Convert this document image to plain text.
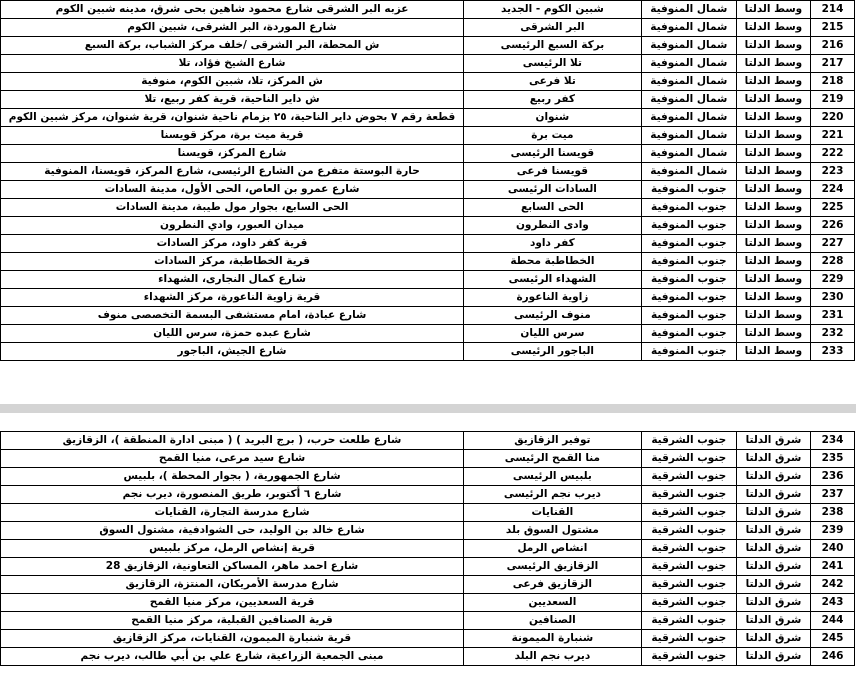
عزبه البر الشرقى شارع محمود شاهين بحى شرق، مدينه شبين الكوم	شبين الكوم - الجديد	شمال المنوفية	وسط الدلتا	214
شارع الموردة، البر الشرقى، شبين الكوم	البر الشرقى	شمال المنوفية	وسط الدلتا	215
ش المحطة، البر الشرقى /خلف مركز الشباب، بركة السبع	بركة السبع الرئيسى	شمال المنوفية	وسط الدلتا	216
شارع الشيخ فؤاد، تلا	تلا الرئيسى	شمال المنوفية	وسط الدلتا	217
ش المركز، تلا، شبين الكوم، منوفية	تلا فرعى	شمال المنوفية	وسط الدلتا	218
ش داير الناحية، قرية كفر ربيع، تلا	كفر ربيع	شمال المنوفية	وسط الدلتا	219
قطعة رقم ٧ بحوض داير الناحية، ٢٥ بزمام ناحية شنوان، قرية شنوان، مركز شبين الكوم	شنوان	شمال المنوفية	وسط الدلتا	220
قرية ميت برة، مركز قويسنا	ميت برة	شمال المنوفية	وسط الدلتا	221
شارع المركز، قويسنا	قويسنا الرئيسى	شمال المنوفية	وسط الدلتا	222
حارة البوستة متفرع من الشارع الرئيسى، شارع المركز، قويسنا، المنوفية	قويسنا فرعى	شمال المنوفية	وسط الدلتا	223
شارع عمرو بن العاص، الحى الأول، مدينة السادات	السادات الرئيسى	جنوب المنوفية	وسط الدلتا	224
الحى السابع، بجوار مول طيبة، مدينة السادات	الحى السابع	جنوب المنوفية	وسط الدلتا	225
ميدان العبور، وادي النطرون	وادى النطرون	جنوب المنوفية	وسط الدلتا	226
قرية كفر داود، مركز السادات	كفر داود	جنوب المنوفية	وسط الدلتا	227
قرية الخطاطبة، مركز السادات	الخطاطبة محطة	جنوب المنوفية	وسط الدلتا	228
شارع كمال النجارى، الشهداء	الشهداء الرئيسى	جنوب المنوفية	وسط الدلتا	229
قرية زاوية الناعورة، مركز الشهداء	زاوية الناعورة	جنوب المنوفية	وسط الدلتا	230
شارع عبادة، امام مستشفى البسمة التخصصى منوف	منوف الرئيسى	جنوب المنوفية	وسط الدلتا	231
شارع عبده حمزة، سرس الليان	سرس الليان	جنوب المنوفية	وسط الدلتا	232
شارع الجيش، الباجور	الباجور الرئيسى	جنوب المنوفية	وسط الدلتا	233
شارع طلعت حرب، ( برج البريد ) ( مبنى ادارة المنطقة )، الزقازيق	توفير الزقازيق	جنوب الشرقية	شرق الدلتا	234
شارع سيد مرعى، منيا القمح	منا القمح الرئيسى	جنوب الشرقية	شرق الدلتا	235
شارع الجمهورية، ( بجوار المحطة )، بلبيس	بلبيس الرئيسى	جنوب الشرقية	شرق الدلتا	236
شارع ٦ أكتوبر، طريق المنصورة، ديرب نجم	ديرب نجم الرئيسى	جنوب الشرقية	شرق الدلتا	237
شارع مدرسة التجارة، القنايات	القنايات	جنوب الشرقية	شرق الدلتا	238
شارع خالد بن الوليد، حى الشوادفية، مشتول السوق	مشتول السوق بلد	جنوب الشرقية	شرق الدلتا	239
قرية إنشاص الرمل، مركز بلبيس	انشاص الرمل	جنوب الشرقية	شرق الدلتا	240
شارع احمد ماهر، المساكن التعاونية، الزقازيق 28	الزقازيق الرئيسى	جنوب الشرقية	شرق الدلتا	241
شارع مدرسة الأمريكان، المنتزة، الزقازيق	الزقازيق فرعى	جنوب الشرقية	شرق الدلتا	242
قرية السعديين، مركز منيا القمح	السعديين	جنوب الشرقية	شرق الدلتا	243
قرية الصنافين القبلية، مركز منيا القمح	الصنافين	جنوب الشرقية	شرق الدلتا	244
قرية شنبارة الميمون، القنايات، مركز الزقازيق	شنبارة الميمونة	جنوب الشرقية	شرق الدلتا	245
مبنى الجمعية الزراعية، شارع علي بن أبي طالب، ديرب نجم	ديرب نجم البلد	جنوب الشرقية	شرق الدلتا	246
